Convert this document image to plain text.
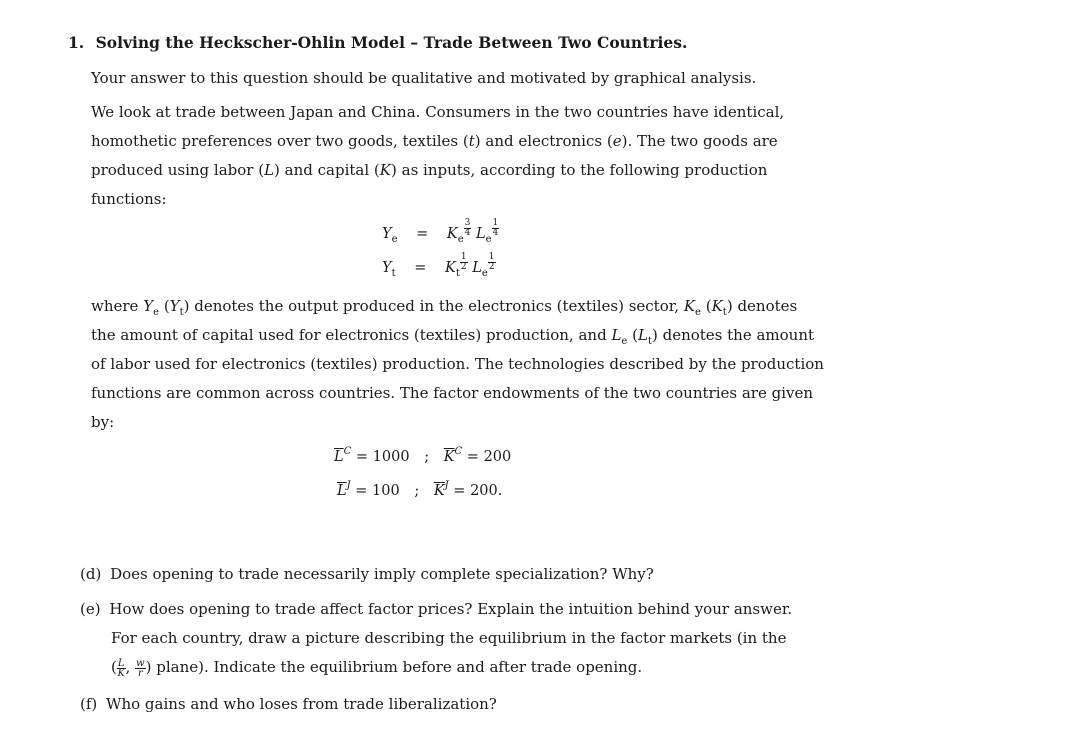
1. Solving the Heckscher-Ohlin Model – Trade Between Two Countries.
Your answer to this question should be qualitative and motivated by graphical analysis.
We look at trade between Japan and China. Consumers in the two countries have identical,
homothetic preferences over two goods, textiles (t) and electronics (e). The two goods are
produced using labor (L) and capital (K) as inputs, according to the following production
functions:
$Y_e = K_e$
$^{\frac{3}{4}}$ $L_e$
$^{\frac{1}{4}}$
$Y_t = K_t$
$^{\frac{1}{2}}$ $L_e$
$^{\frac{1}{2}}$
where $Y_e$ $(Y_t)$ denotes the output produced in the electronics (textiles) sector, $K_e$ $(K_t)$ denotes
the amount of capital used for electronics (textiles) production, and $L_e$ $(L_t)$ denotes the amount
of labor used for electronics (textiles) production. The technologies described by the production
functions are common across countries. The factor endowments of the two countries are given
by:
$\overline{L}^C = 1000$ ; $\overline{K}^C = 200$
$\overline{L}^J = 100$ ; $\overline{K}^J = 200$.
(d) Does opening to trade necessarily imply complete specialization? Why?
(e) How does opening to trade affect factor prices? Explain the intuition behind your answer.
For each country, draw a picture describing the equilibrium in the factor markets (in the
( $\frac{L}{K}$ , $\frac{w}{r}$ ) plane). Indicate the equilibrium before and after trade opening.
(f) Who gains and who loses from trade liberalization?
